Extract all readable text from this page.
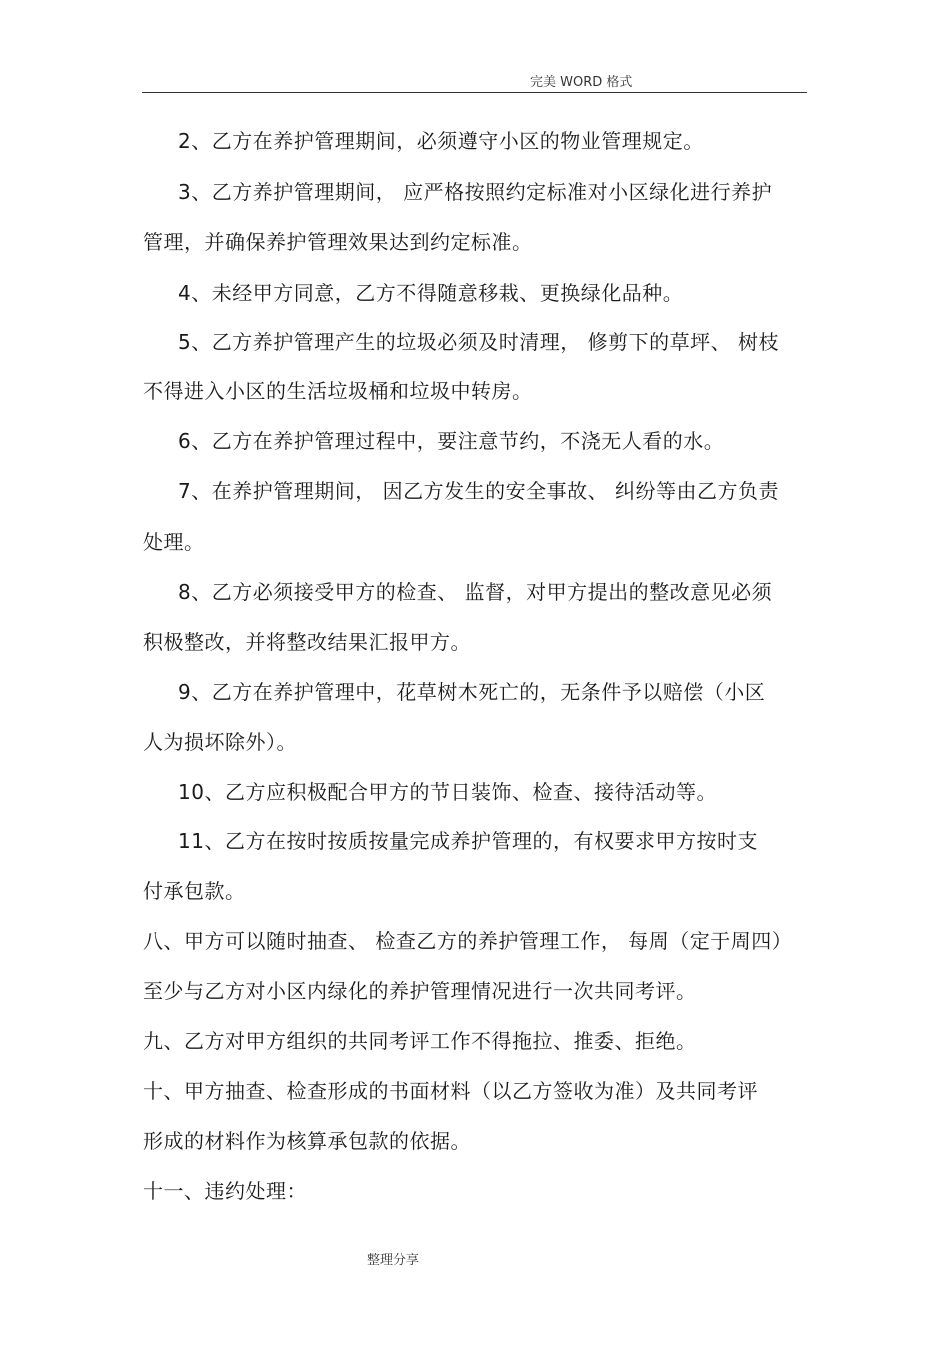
完美 WORD 格式
2、乙方在养护管理期间，必须遵守小区的物业管理规定。
3、乙方养护管理期间， 应严格按照约定标准对小区绿化进行养护
管理，并确保养护管理效果达到约定标准。
4、未经甲方同意，乙方不得随意移栽、更换绿化品种。
5、乙方养护管理产生的垃圾必须及时清理， 修剪下的草坪、 树枝
不得进入小区的生活垃圾桶和垃圾中转房。
6、乙方在养护管理过程中，要注意节约，不浇无人看的水。
7、在养护管理期间， 因乙方发生的安全事故、 纠纷等由乙方负责
处理。
8、乙方必须接受甲方的检查、 监督，对甲方提出的整改意见必须
积极整改，并将整改结果汇报甲方。
9、乙方在养护管理中，花草树木死亡的，无条件予以赔偿（小区
人为损坏除外）。
10、乙方应积极配合甲方的节日装饰、检查、接待活动等。
11、乙方在按时按质按量完成养护管理的，有权要求甲方按时支
付承包款。
八、甲方可以随时抽查、 检查乙方的养护管理工作， 每周（定于周四）
至少与乙方对小区内绿化的养护管理情况进行一次共同考评。
九、乙方对甲方组织的共同考评工作不得拖拉、推委、拒绝。
十、甲方抽查、检查形成的书面材料（以乙方签收为准）及共同考评
形成的材料作为核算承包款的依据。
十一、违约处理：
整理分享
